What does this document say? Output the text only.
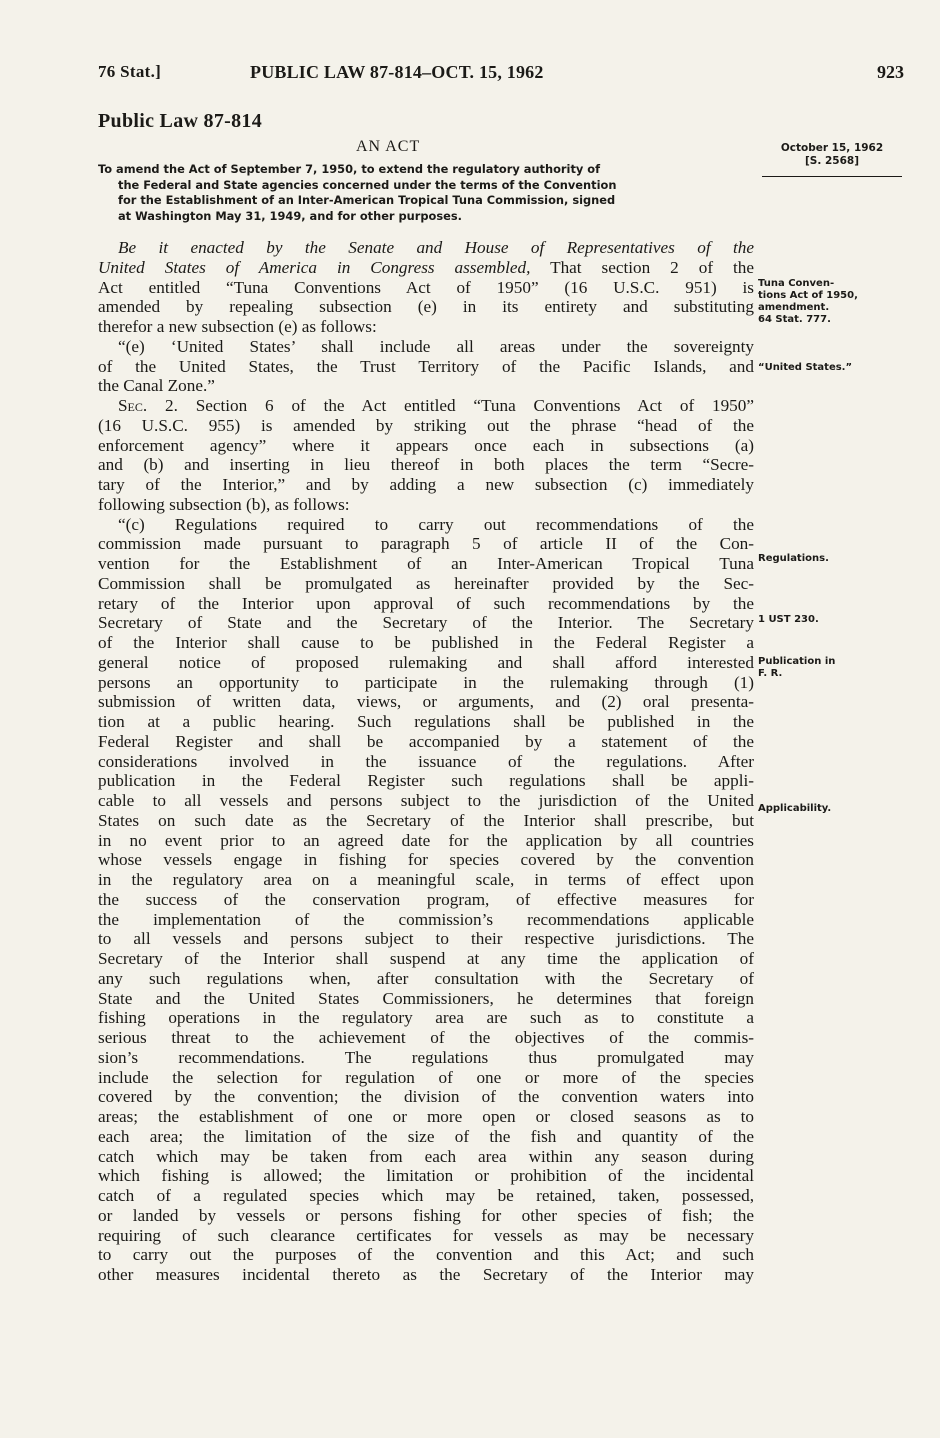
76 Stat.]	PUBLIC LAW 87-814–OCT. 15, 1962	923
Public Law 87-814
AN ACT	October 15, 1962
[S. 2568]
To amend the Act of September 7, 1950, to extend the regulatory authority of
the Federal and State agencies concerned under the terms of the Convention
for the Establishment of an Inter-American Tropical Tuna Commission, signed
at Washington May 31, 1949, and for other purposes.
Be it enacted by the Senate and House of Representatives of the
United States of America in Congress assembled, That section 2 of the
Act entitled “Tuna Conventions Act of 1950” (16 U.S.C. 951) is
amended by repealing subsection (e) in its entirety and substituting
therefor a new subsection (e) as follows:
“(e) ‘United States’ shall include all areas under the sovereignty
of the United States, the Trust Territory of the Pacific Islands, and
the Canal Zone.”
Sec. 2. Section 6 of the Act entitled “Tuna Conventions Act of 1950”
(16 U.S.C. 955) is amended by striking out the phrase “head of the
enforcement agency” where it appears once each in subsections (a)
and (b) and inserting in lieu thereof in both places the term “Secre-
tary of the Interior,” and by adding a new subsection (c) immediately
following subsection (b), as follows:
“(c) Regulations required to carry out recommendations of the
commission made pursuant to paragraph 5 of article II of the Con-
vention for the Establishment of an Inter-American Tropical Tuna
Commission shall be promulgated as hereinafter provided by the Sec-
retary of the Interior upon approval of such recommendations by the
Secretary of State and the Secretary of the Interior. The Secretary
of the Interior shall cause to be published in the Federal Register a
general notice of proposed rulemaking and shall afford interested
persons an opportunity to participate in the rulemaking through (1)
submission of written data, views, or arguments, and (2) oral presenta-
tion at a public hearing. Such regulations shall be published in the
Federal Register and shall be accompanied by a statement of the
considerations involved in the issuance of the regulations. After
publication in the Federal Register such regulations shall be appli-
cable to all vessels and persons subject to the jurisdiction of the United
States on such date as the Secretary of the Interior shall prescribe, but
in no event prior to an agreed date for the application by all countries
whose vessels engage in fishing for species covered by the convention
in the regulatory area on a meaningful scale, in terms of effect upon
the success of the conservation program, of effective measures for
the implementation of the commission’s recommendations applicable
to all vessels and persons subject to their respective jurisdictions. The
Secretary of the Interior shall suspend at any time the application of
any such regulations when, after consultation with the Secretary of
State and the United States Commissioners, he determines that foreign
fishing operations in the regulatory area are such as to constitute a
serious threat to the achievement of the objectives of the commis-
sion’s recommendations. The regulations thus promulgated may
include the selection for regulation of one or more of the species
covered by the convention; the division of the convention waters into
areas; the establishment of one or more open or closed seasons as to
each area; the limitation of the size of the fish and quantity of the
catch which may be taken from each area within any season during
which fishing is allowed; the limitation or prohibition of the incidental
catch of a regulated species which may be retained, taken, possessed,
or landed by vessels or persons fishing for other species of fish; the
requiring of such clearance certificates for vessels as may be necessary
to carry out the purposes of the convention and this Act; and such
other measures incidental thereto as the Secretary of the Interior may
Tuna Conven-
tions Act of 1950,
amendment.
64 Stat. 777.
“United States.”
Regulations.
1 UST 230.
Publication in
F. R.
Applicability.
